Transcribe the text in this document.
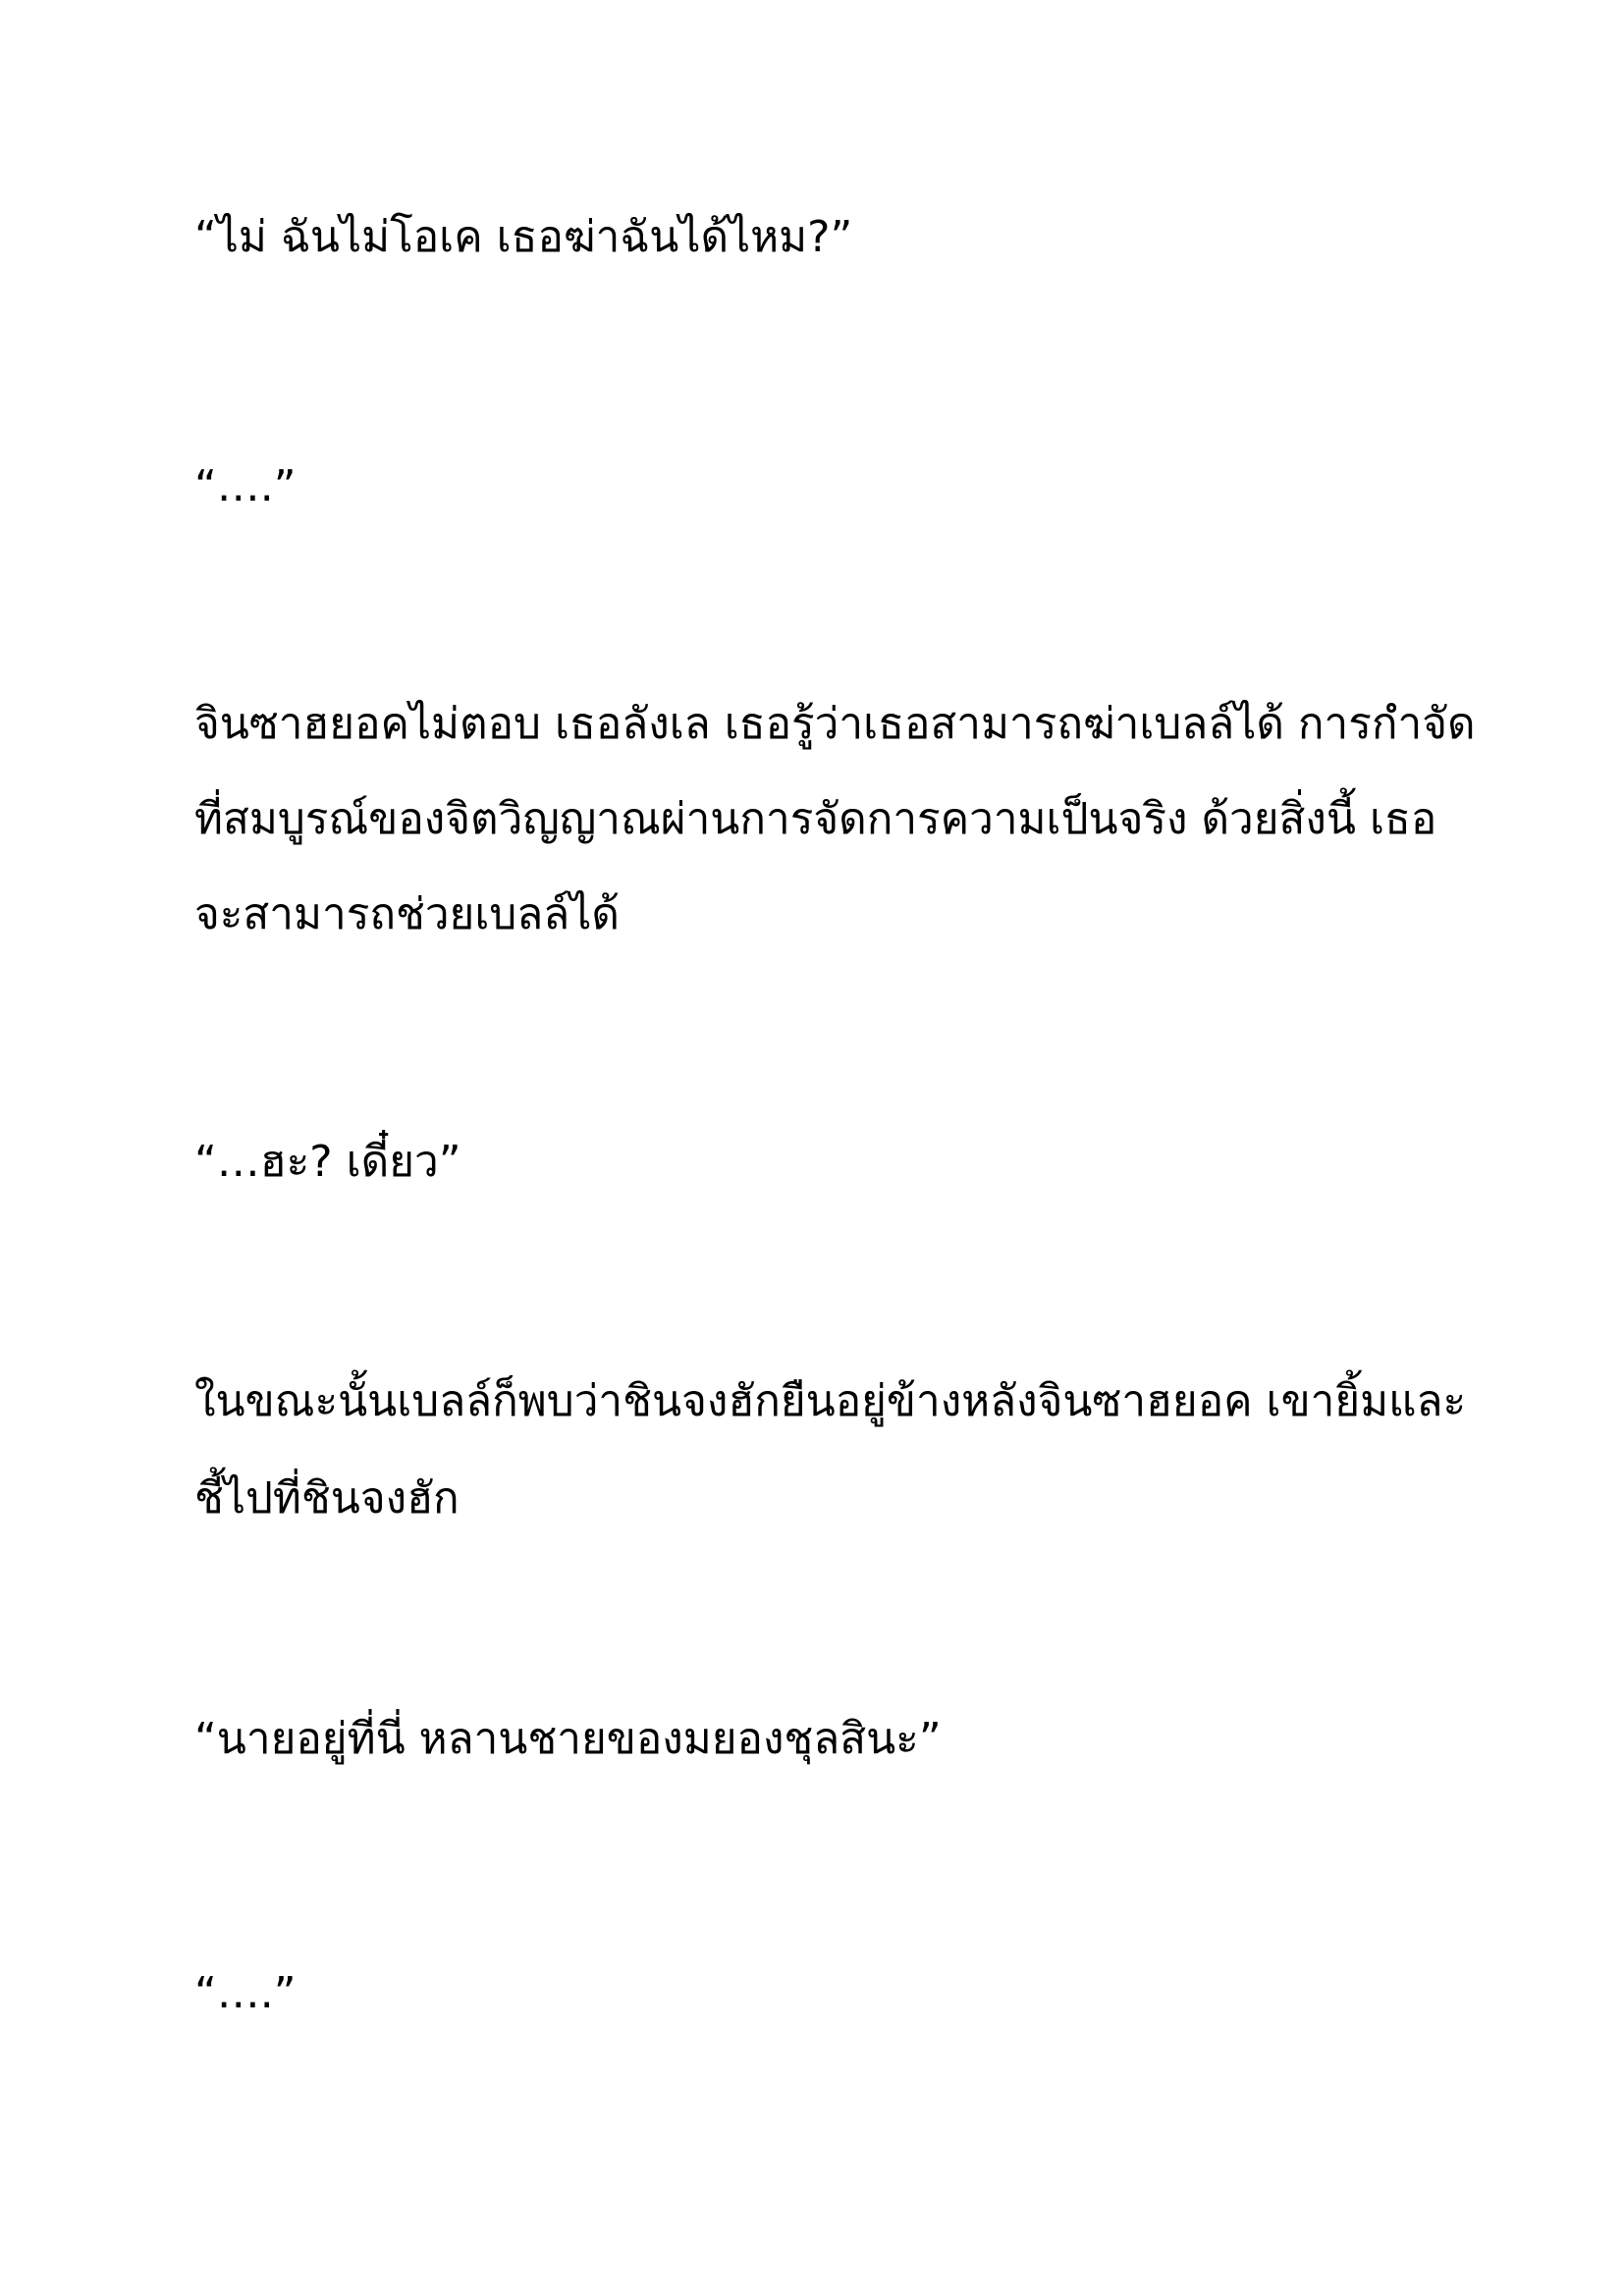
“ไม่ ฉันไม่โอเค เธอฆ่าฉันได้ไหม?”

“….”

จินซาฮยอคไม่ตอบ เธอลังเล เธอรู้ว่าเธอสามารถฆ่าเบลล์ได้ การกำจัด

ที่สมบูรณ์ของจิตวิญญาณผ่านการจัดการความเป็นจริง ด้วยสิ่งนี้ เธอ

จะสามารถช่วยเบลล์ได้

“…ฮะ? เดี๋ยว”

ในขณะนั้นเบลล์ก็พบว่าชินจงฮักยืนอยู่ข้างหลังจินซาฮยอค เขายิ้มและ

ชี้ไปที่ชินจงฮัก

“นายอยู่ที่นี่ หลานชายของมยองชุลสินะ”

“….”
